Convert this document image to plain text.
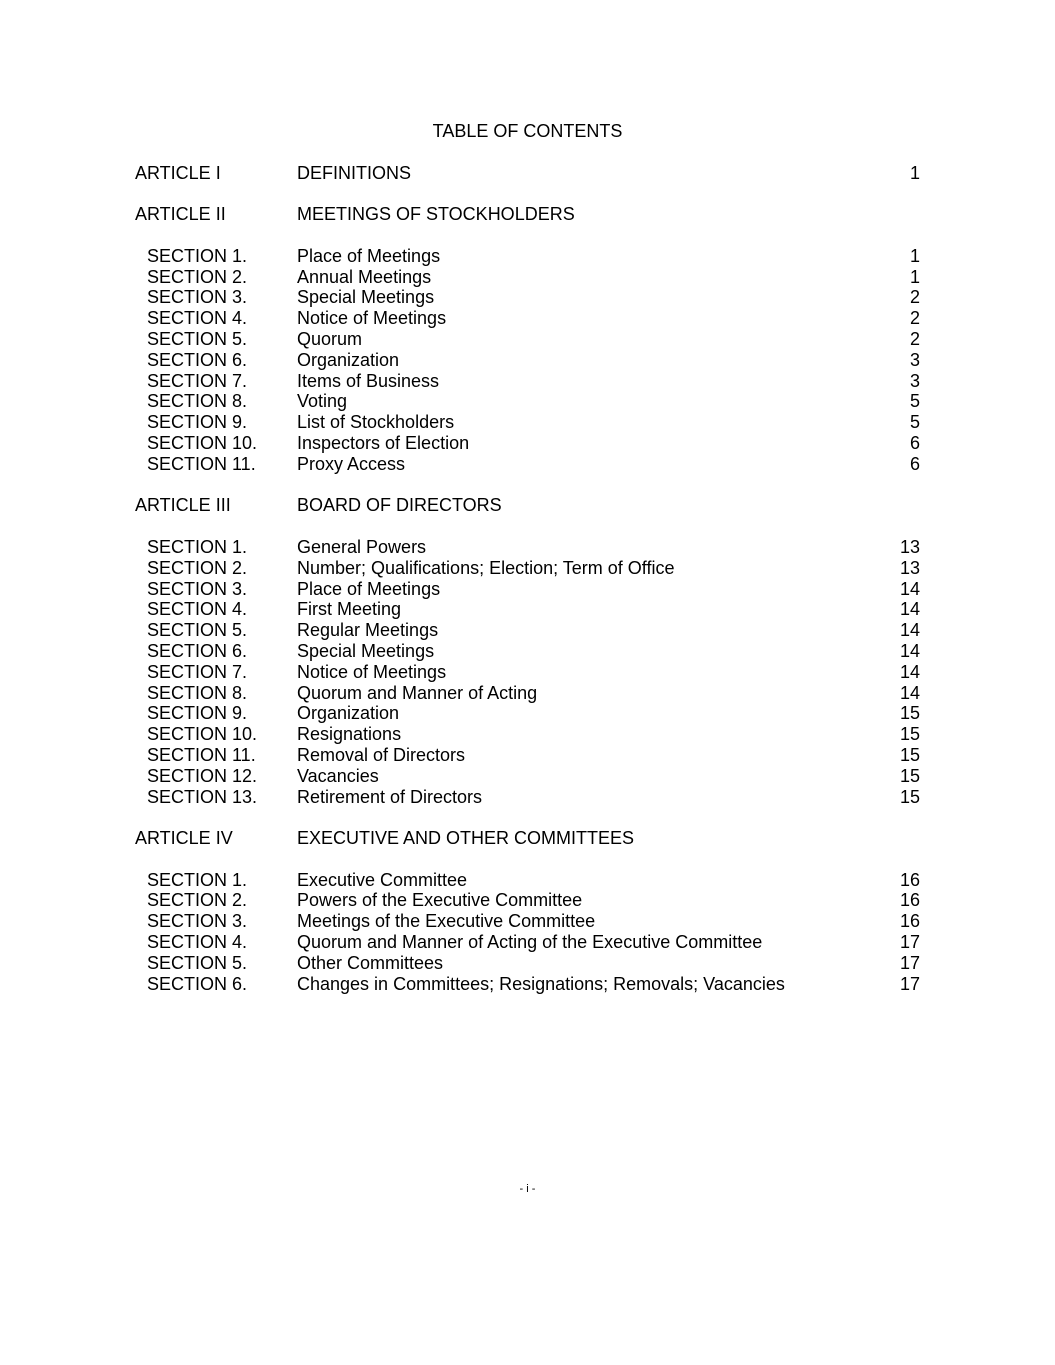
TABLE OF CONTENTS
ARTICLE I	DEFINITIONS	1
ARTICLE II	MEETINGS OF STOCKHOLDERS
SECTION 1.	Place of Meetings	1
SECTION 2.	Annual Meetings	1
SECTION 3.	Special Meetings	2
SECTION 4.	Notice of Meetings	2
SECTION 5.	Quorum	2
SECTION 6.	Organization	3
SECTION 7.	Items of Business	3
SECTION 8.	Voting	5
SECTION 9.	List of Stockholders	5
SECTION 10.	Inspectors of Election	6
SECTION 11.	Proxy Access	6
ARTICLE III	BOARD OF DIRECTORS
SECTION 1.	General Powers	13
SECTION 2.	Number; Qualifications; Election; Term of Office	13
SECTION 3.	Place of Meetings	14
SECTION 4.	First Meeting	14
SECTION 5.	Regular Meetings	14
SECTION 6.	Special Meetings	14
SECTION 7.	Notice of Meetings	14
SECTION 8.	Quorum and Manner of Acting	14
SECTION 9.	Organization	15
SECTION 10.	Resignations	15
SECTION 11.	Removal of Directors	15
SECTION 12.	Vacancies	15
SECTION 13.	Retirement of Directors	15
ARTICLE IV	EXECUTIVE AND OTHER COMMITTEES
SECTION 1.	Executive Committee	16
SECTION 2.	Powers of the Executive Committee	16
SECTION 3.	Meetings of the Executive Committee	16
SECTION 4.	Quorum and Manner of Acting of the Executive Committee	17
SECTION 5.	Other Committees	17
SECTION 6.	Changes in Committees; Resignations; Removals; Vacancies	17
- i -
